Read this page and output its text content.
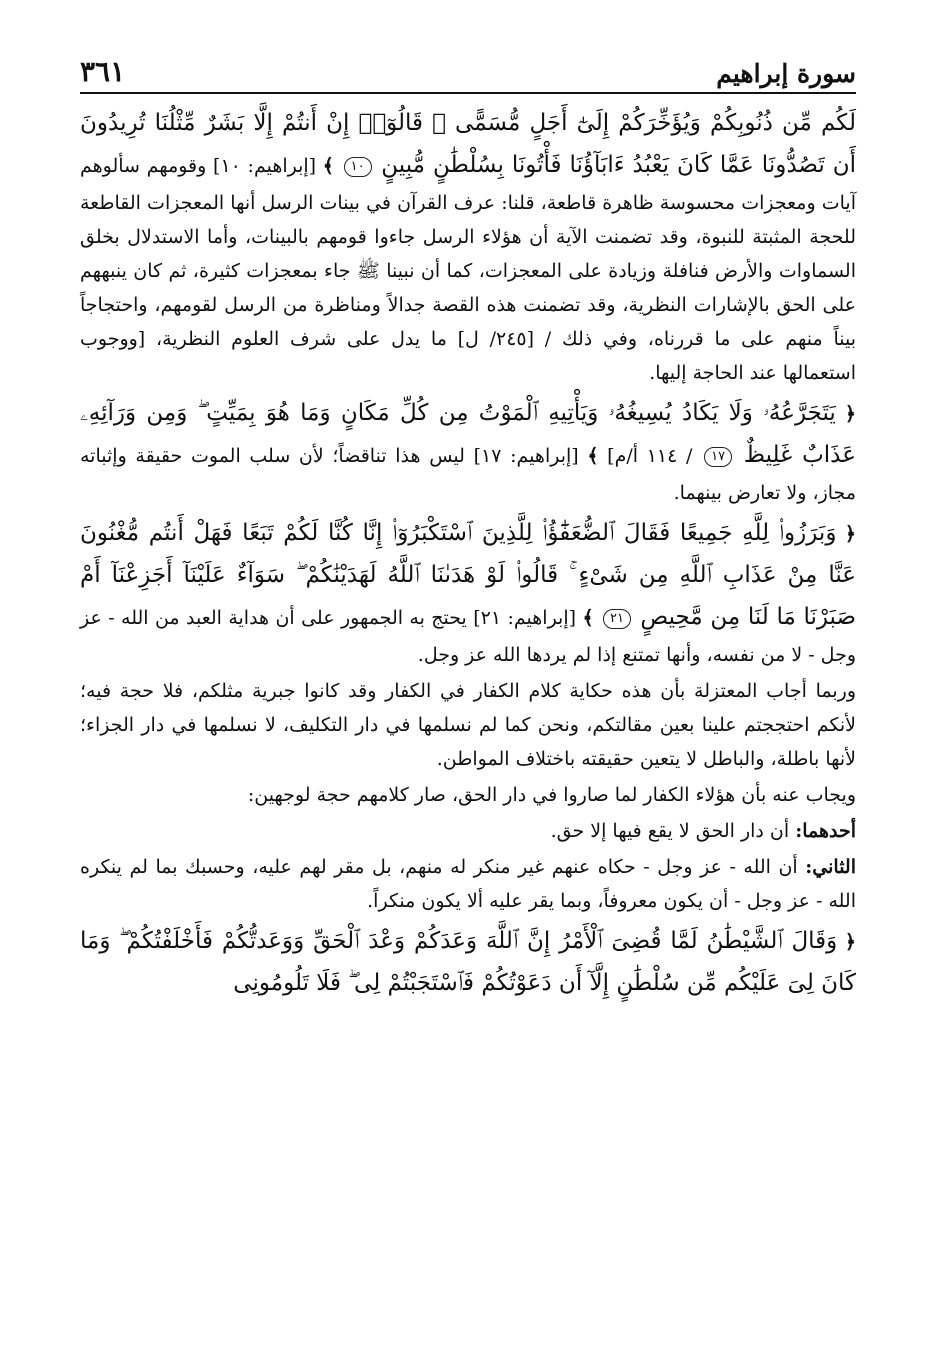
سورة إبراهيم
٣٦١

لَكُم مِّن ذُنُوبِكُمْ وَيُؤَخِّرَكُمْ إِلَىٰٓ أَجَلٍ مُّسَمًّى ۚ قَالُوٓا۟ إِنْ أَنتُمْ إِلَّا بَشَرٌ مِّثْلُنَا تُرِيدُونَ أَن تَصُدُّونَا عَمَّا كَانَ يَعْبُدُ ءَابَآؤُنَا فَأْتُونَا بِسُلْطَٰنٍ مُّبِينٍ ١٠ ﴾ [إبراهيم: ١٠] وقومهم سألوهم آيات ومعجزات محسوسة ظاهرة قاطعة، قلنا: عرف القرآن في بينات الرسل أنها المعجزات القاطعة للحجة المثبتة للنبوة، وقد تضمنت الآية أن هؤلاء الرسل جاءوا قومهم بالبينات، وأما الاستدلال بخلق السماوات والأرض فنافلة وزيادة على المعجزات، كما أن نبينا ﷺ جاء بمعجزات كثيرة، ثم كان ينبههم على الحق بالإشارات النظرية، وقد تضمنت هذه القصة جدالاً ومناظرة من الرسل لقومهم، واحتجاجاً بيناً منهم على ما قررناه، وفي ذلك / [٢٤٥/ ل] ما يدل على شرف العلوم النظرية، [ووجوب استعمالها عند الحاجة إليها.

﴿ يَتَجَرَّعُهُۥ وَلَا يَكَادُ يُسِيغُهُۥ وَيَأْتِيهِ ٱلْمَوْتُ مِن كُلِّ مَكَانٍ وَمَا هُوَ بِمَيِّتٍ ۖ وَمِن وَرَآئِهِۦ عَذَابٌ غَلِيظٌ ١٧ / ١١٤ أ/م] ﴾ [إبراهيم: ١٧] ليس هذا تناقضاً؛ لأن سلب الموت حقيقة وإثباته مجاز، ولا تعارض بينهما.

﴿ وَبَرَزُوا۟ لِلَّهِ جَمِيعًا فَقَالَ ٱلضُّعَفَٰٓؤُا۟ لِلَّذِينَ ٱسْتَكْبَرُوٓا۟ إِنَّا كُنَّا لَكُمْ تَبَعًا فَهَلْ أَنتُم مُّغْنُونَ عَنَّا مِنْ عَذَابِ ٱللَّهِ مِن شَىْءٍ ۚ قَالُوا۟ لَوْ هَدَىٰنَا ٱللَّهُ لَهَدَيْنَٰكُمْ ۖ سَوَآءٌ عَلَيْنَآ أَجَزِعْنَآ أَمْ صَبَرْنَا مَا لَنَا مِن مَّحِيصٍ ٢١ ﴾ [إبراهيم: ٢١] يحتج به الجمهور على أن هداية العبد من الله - عز وجل - لا من نفسه، وأنها تمتنع إذا لم يردها الله عز وجل.

وربما أجاب المعتزلة بأن هذه حكاية كلام الكفار في الكفار وقد كانوا جبرية مثلكم، فلا حجة فيه؛ لأنكم احتججتم علينا بعين مقالتكم، ونحن كما لم نسلمها في دار التكليف، لا نسلمها في دار الجزاء؛ لأنها باطلة، والباطل لا يتعين حقيقته باختلاف المواطن.

ويجاب عنه بأن هؤلاء الكفار لما صاروا في دار الحق، صار كلامهم حجة لوجهين:

أحدهما: أن دار الحق لا يقع فيها إلا حق.

الثاني: أن الله - عز وجل - حكاه عنهم غير منكر له منهم، بل مقر لهم عليه، وحسبك بما لم ينكره الله - عز وجل - أن يكون معروفاً، وبما يقر عليه ألا يكون منكراً.

﴿ وَقَالَ ٱلشَّيْطَٰنُ لَمَّا قُضِىَ ٱلْأَمْرُ إِنَّ ٱللَّهَ وَعَدَكُمْ وَعْدَ ٱلْحَقِّ وَوَعَدتُّكُمْ فَأَخْلَفْتُكُمْ ۖ وَمَا كَانَ لِىَ عَلَيْكُم مِّن سُلْطَٰنٍ إِلَّآ أَن دَعَوْتُكُمْ فَٱسْتَجَبْتُمْ لِى ۖ فَلَا تَلُومُونِى
